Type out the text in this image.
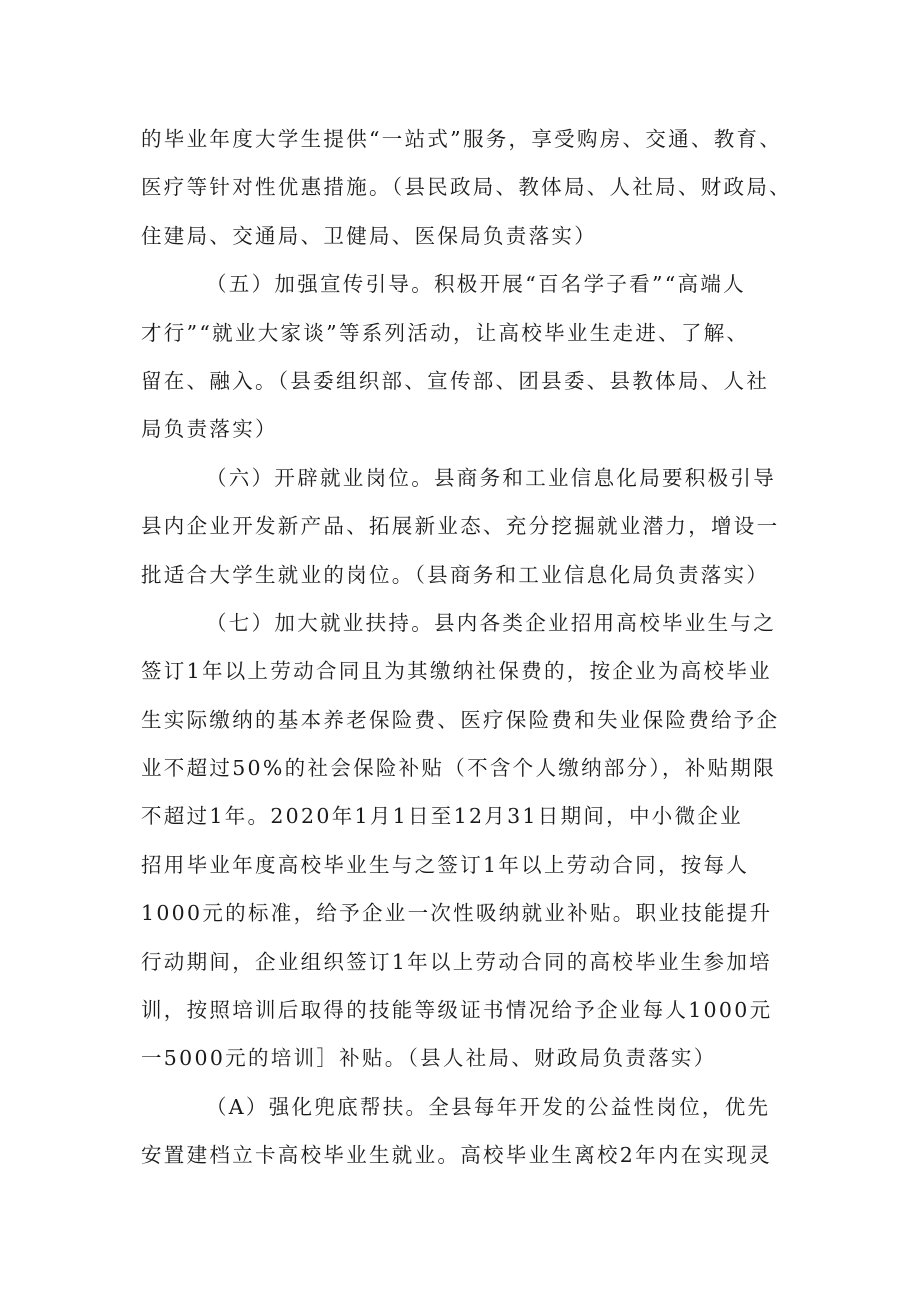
的毕业年度大学生提供“一站式”服务，享受购房、交通、教育、
医疗等针对性优惠措施。（县民政局、教体局、人社局、财政局、
住建局、交通局、卫健局、医保局负责落实）
（五）加强宣传引导。积极开展“百名学子看”“高端人
才行”“就业大家谈”等系列活动，让高校毕业生走进、了解、
留在、融入。（县委组织部、宣传部、团县委、县教体局、人社
局负责落实）
（六）开辟就业岗位。县商务和工业信息化局要积极引导
县内企业开发新产品、拓展新业态、充分挖掘就业潜力，增设一
批适合大学生就业的岗位。（县商务和工业信息化局负责落实）
（七）加大就业扶持。县内各类企业招用高校毕业生与之
签订1年以上劳动合同且为其缴纳社保费的，按企业为高校毕业
生实际缴纳的基本养老保险费、医疗保险费和失业保险费给予企
业不超过50%的社会保险补贴（不含个人缴纳部分），补贴期限
不超过1年。2020年1月1日至12月31日期间，中小微企业
招用毕业年度高校毕业生与之签订1年以上劳动合同，按每人
1000元的标准，给予企业一次性吸纳就业补贴。职业技能提升
行动期间，企业组织签订1年以上劳动合同的高校毕业生参加培
训，按照培训后取得的技能等级证书情况给予企业每人1000元
一5000元的培训］补贴。（县人社局、财政局负责落实）
（A）强化兜底帮扶。全县每年开发的公益性岗位，优先
安置建档立卡高校毕业生就业。高校毕业生离校2年内在实现灵
